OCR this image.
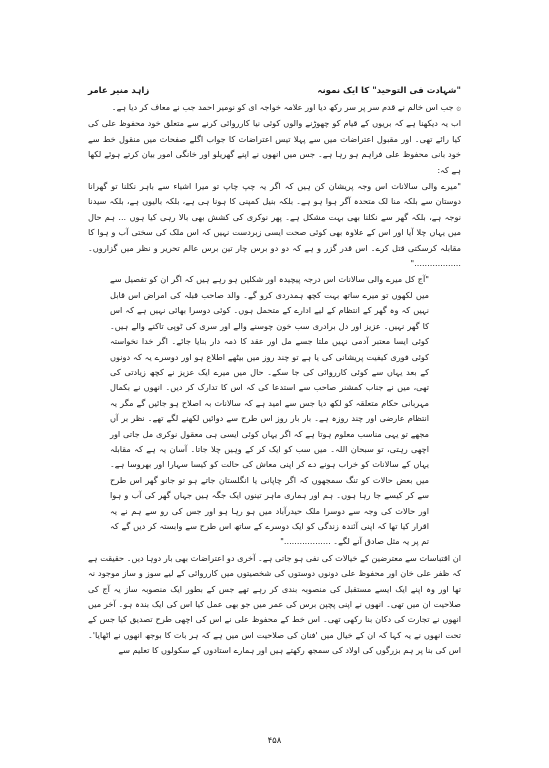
"شہادت فی التوحید" کا ایک نمونہ
زاہد منیر عامر

۞ جب اس خالم نے قدم سر پر سر رکھ دیا اور علامہ خواجہ ای کو نومیر احمد جب نے معاف کر دیا ہے۔

اب یہ دیکھنا ہے کہ بریوں کے قیام کو چھوڑنے والوں کوئی نیا کارروائی کرنے سے متعلق خود محفوظ علی کی کیا رائے تھی۔ اور مقبول اعتراضات میں سے پہلا تیس اعتراضات کا جواب اگلے صفحات میں منقول خط سے خود بانی محفوظ علی فراہم ہو رہا ہے۔ جس میں انھوں نے اپنے گھریلو اور خانگی امور بیان کرتے ہوئے لکھا ہے کہ:

"میرے والی سالانات اس وجہ پریشان کن ہیں کہ اگر یہ چپ چاپ تو میرا اشیاء سے باہر نکلنا تو گھرانا دوستان سے بلکہ منا لک متحدہ آگر ہوا ہو ہے۔ بلکہ بنیل کمپنی کا ہونا ہی ہے، بلکہ بالیوں ہے، بلکہ سیدنا نوجہ ہے، بلکہ گھر سے نکلنا بھی بہت مشکل ہے۔ پھر نوکری کی کشش بھی بالا رہی کیا ہوں ... ہم حال میں یہاں چلا آیا اور اس کے علاوہ بھی کوئی صحت ایسی زبردست نہیں کہ اس ملک کی سختی آب و ہوا کا مقابلہ کرسکتی قتل کرے۔ اس قدر گزر و ہے کہ دو دو برس چار تین برس عالم تحریر و نظر میں گزاروں۔ .................."

"آج کل میرے والی سالانات اس درجہ پیچیدہ اور شکلیں ہو رہے ہیں کہ اگر ان کو تفصیل سے میں لکھوں تو میرے ساتھ بہت کچھ ہمدردی کرو گے۔ والد صاحب قبلہ کی امراض اس قابل نہیں کہ وہ گھر کے انتظام کے لیے ادارے کے متحمل ہوں۔ کوئی دوسرا بھائی نہیں ہے کہ اس کا گھر نہیں۔ عزیز اور دل برادری سب خون چوسنے والے اور سری کی ٹوپی تاکنے والے ہیں۔ کوئی ایسا معتبر آدمی نہیں ملتا جسے مل اور عقد کا ذمہ دار بنایا جائے۔ اگر خدا نخواستہ کوئی فوری کیفیت پریشانی کی یا ہے تو چند روز میں بیٹھے اطلاع ہو اور دوسرے یہ کہ دونوں کے بعد یہاں سے کوئی کارروائی کی جا سکے۔ حال میں میرے ایک عزیز نے کچھ زیادتی کی تھی، میں نے جناب کمشنر صاحب سے استدعا کی کہ اس کا تدارک کر دیں۔ انھوں نے بکمال مہربانی حکام متعلقہ کو لکھ دیا جس سے امید ہے کہ سالانات بہ اصلاح ہو جائیں گے مگر یہ انتظام عارضی اور چند روزہ ہے۔ بار بار روز اس طرح سے دوائیں لکھنے لگے تھے۔ نظر بر آں مجھے تو یہی مناسب معلوم ہوتا ہے کہ اگر یہاں کوئی ایسی ہی معقول نوکری مل جاتی اور اچھی رہتی، تو سبحان اللہ۔ میں سب کو ایک کر کے وہیں چلا جاتا۔ آسان یہ ہے کہ مقابلہ یہاں کے سالانات کو خراب ہونے دے کر اپنی معاش کی حالت کو کیسا سہارا اور بھروسا ہے۔ میں بعض حالات کو تنگ سمجھوں کہ اگر چاپانی یا انگلستان جاتے ہو تو جانو گھر اس طرح سے کر کیسے جا رہا ہوں۔ ہم اور ہماری ماہر تینوں ایک جگہ ہیں جہاں گھر کی آب و ہوا اور حالات کی وجہ سے دوسرا ملک حیدرآباد میں ہو رہا ہو اور جس کی رو سے ہم نے یہ اقرار کیا تھا کہ اپنی آئندہ زندگی کو ایک دوسرے کے ساتھ اس طرح سے وابستہ کر دیں گے کہ تم پر یہ مثل صادق آنے لگے۔ .................."

ان اقتباسات سے معترضین کے خیالات کی نفی ہو جاتی ہے۔ آخری دو اعتراضات بھی بار دوہا دیں۔ حقیقت ہے کہ ظفر علی خان اور محفوظ علی دونوں دوستوں کی شخصیتوں میں کارروائی کے لیے سوز و ساز موجود نہ تھا اور وہ اپنے ایک ایسے مستقبل کی منصوبہ بندی کر رہے تھے جس کے بطور ایک منصوبہ ساز یہ آج کی صلاحیت ان میں تھی۔ انھوں نے اپنی پچپن برس کی عمر میں جو بھی عمل کیا اس کی ایک بندہ ہو۔ آخر میں انھوں نے تجارت کی دکان بنا رکھی تھی۔ اس خط کے محفوظ علی نے اس کی اچھی طرح تصدیق کیا جس کے تحت انھوں نے یہ کہا کہ ان کے خیال میں 'فنان کی صلاحیت اس میں ہے کہ ہر بات کا بوجھ انھوں نے اٹھایا'۔ اس کی بنا پر ہم بزرگوں کی اولاد کی سمجھ رکھتے ہیں اور ہمارے استادوں کے سکولوں کا تعلیم سے

۴۵۸
